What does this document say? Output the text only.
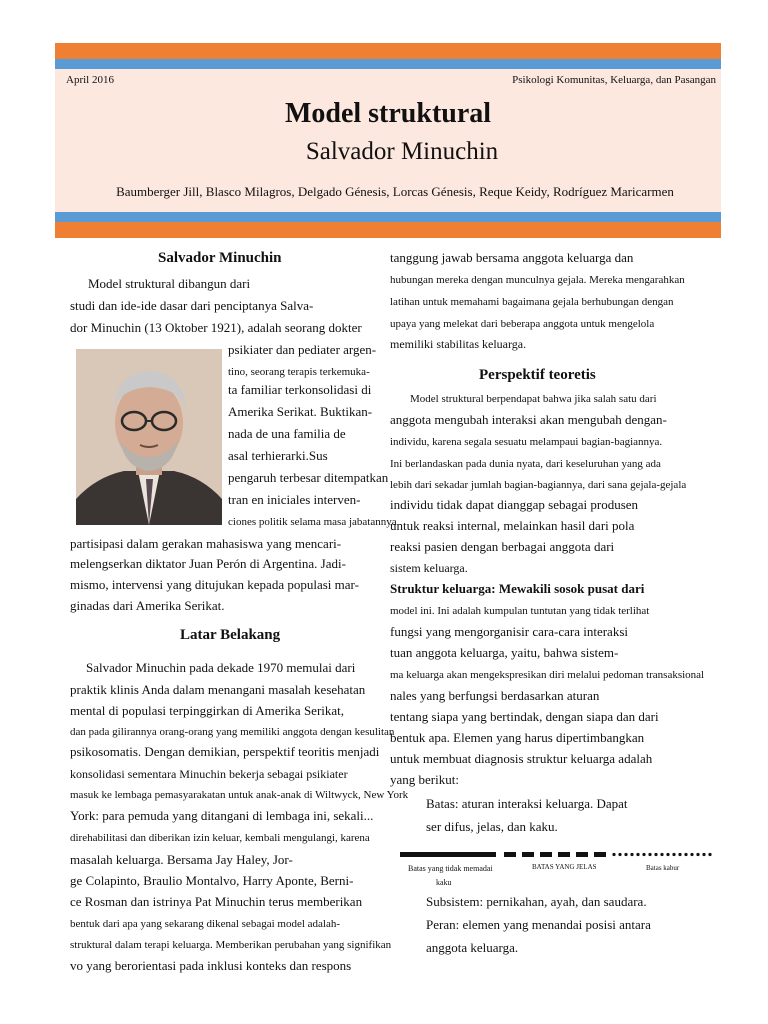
April 2016	Psikologi Komunitas, Keluarga, dan Pasangan
Model struktural
Salvador Minuchin
Baumberger Jill, Blasco Milagros, Delgado Génesis, Lorcas Génesis, Reque Keidy, Rodríguez Maricarmen
Salvador Minuchin
Model struktural dibangun dari
studi dan ide-ide dasar dari penciptanya Salva-
dor Minuchin (13 Oktober 1921), adalah seorang dokter
psikiater dan pediater argen-
tino, seorang terapis terkemuka-
ta familiar terkonsolidasi di
Amerika Serikat. Buktikan-
nada de una familia de
asal terhierarki.Sus
pengaruh terbesar ditempatkan
tran en iniciales interven-
ciones politik selama masa jabatannya
partisipasi dalam gerakan mahasiswa yang mencari-
melengserkan diktator Juan Perón di Argentina. Jadi-
mismo, intervensi yang ditujukan kepada populasi mar-
ginadas dari Amerika Serikat.
Latar Belakang
Salvador Minuchin pada dekade 1970 memulai dari
praktik klinis Anda dalam menangani masalah kesehatan
mental di populasi terpinggirkan di Amerika Serikat,
dan pada gilirannya orang-orang yang memiliki anggota dengan kesulitan
psikosomatis. Dengan demikian, perspektif teoritis menjadi
konsolidasi sementara Minuchin bekerja sebagai psikiater
masuk ke lembaga pemasyarakatan untuk anak-anak di Wiltwyck, New York
York: para pemuda yang ditangani di lembaga ini, sekali...
direhabilitasi dan diberikan izin keluar, kembali mengulangi, karena
masalah keluarga. Bersama Jay Haley, Jor-
ge Colapinto, Braulio Montalvo, Harry Aponte, Berni-
ce Rosman dan istrinya Pat Minuchin terus memberikan
bentuk dari apa yang sekarang dikenal sebagai model adalah-
struktural dalam terapi keluarga. Memberikan perubahan yang signifikan
vo yang berorientasi pada inklusi konteks dan respons
tanggung jawab bersama anggota keluarga dan
hubungan mereka dengan munculnya gejala. Mereka mengarahkan
latihan untuk memahami bagaimana gejala berhubungan dengan
upaya yang melekat dari beberapa anggota untuk mengelola
memiliki stabilitas keluarga.
Perspektif teoretis
Model struktural berpendapat bahwa jika salah satu dari
anggota mengubah interaksi akan mengubah dengan-
individu, karena segala sesuatu melampaui bagian-bagiannya.
Ini berlandaskan pada dunia nyata, dari keseluruhan yang ada
lebih dari sekadar jumlah bagian-bagiannya, dari sana gejala-gejala
individu tidak dapat dianggap sebagai produsen
untuk reaksi internal, melainkan hasil dari pola
reaksi pasien dengan berbagai anggota dari
sistem keluarga.
Struktur keluarga: Mewakili sosok pusat dari
model ini. Ini adalah kumpulan tuntutan yang tidak terlihat
fungsi yang mengorganisir cara-cara interaksi
tuan anggota keluarga, yaitu, bahwa sistem-
ma keluarga akan mengekspresikan diri melalui pedoman transaksional
nales yang berfungsi berdasarkan aturan
tentang siapa yang bertindak, dengan siapa dan dari
bentuk apa. Elemen yang harus dipertimbangkan
untuk membuat diagnosis struktur keluarga adalah
yang berikut:
Batas: aturan interaksi keluarga. Dapat
ser difus, jelas, dan kaku.
Batas yang tidak memadai
kaku
BATAS YANG JELAS	Batas kabur
Subsistem: pernikahan, ayah, dan saudara.
Peran: elemen yang menandai posisi antara
anggota keluarga.
